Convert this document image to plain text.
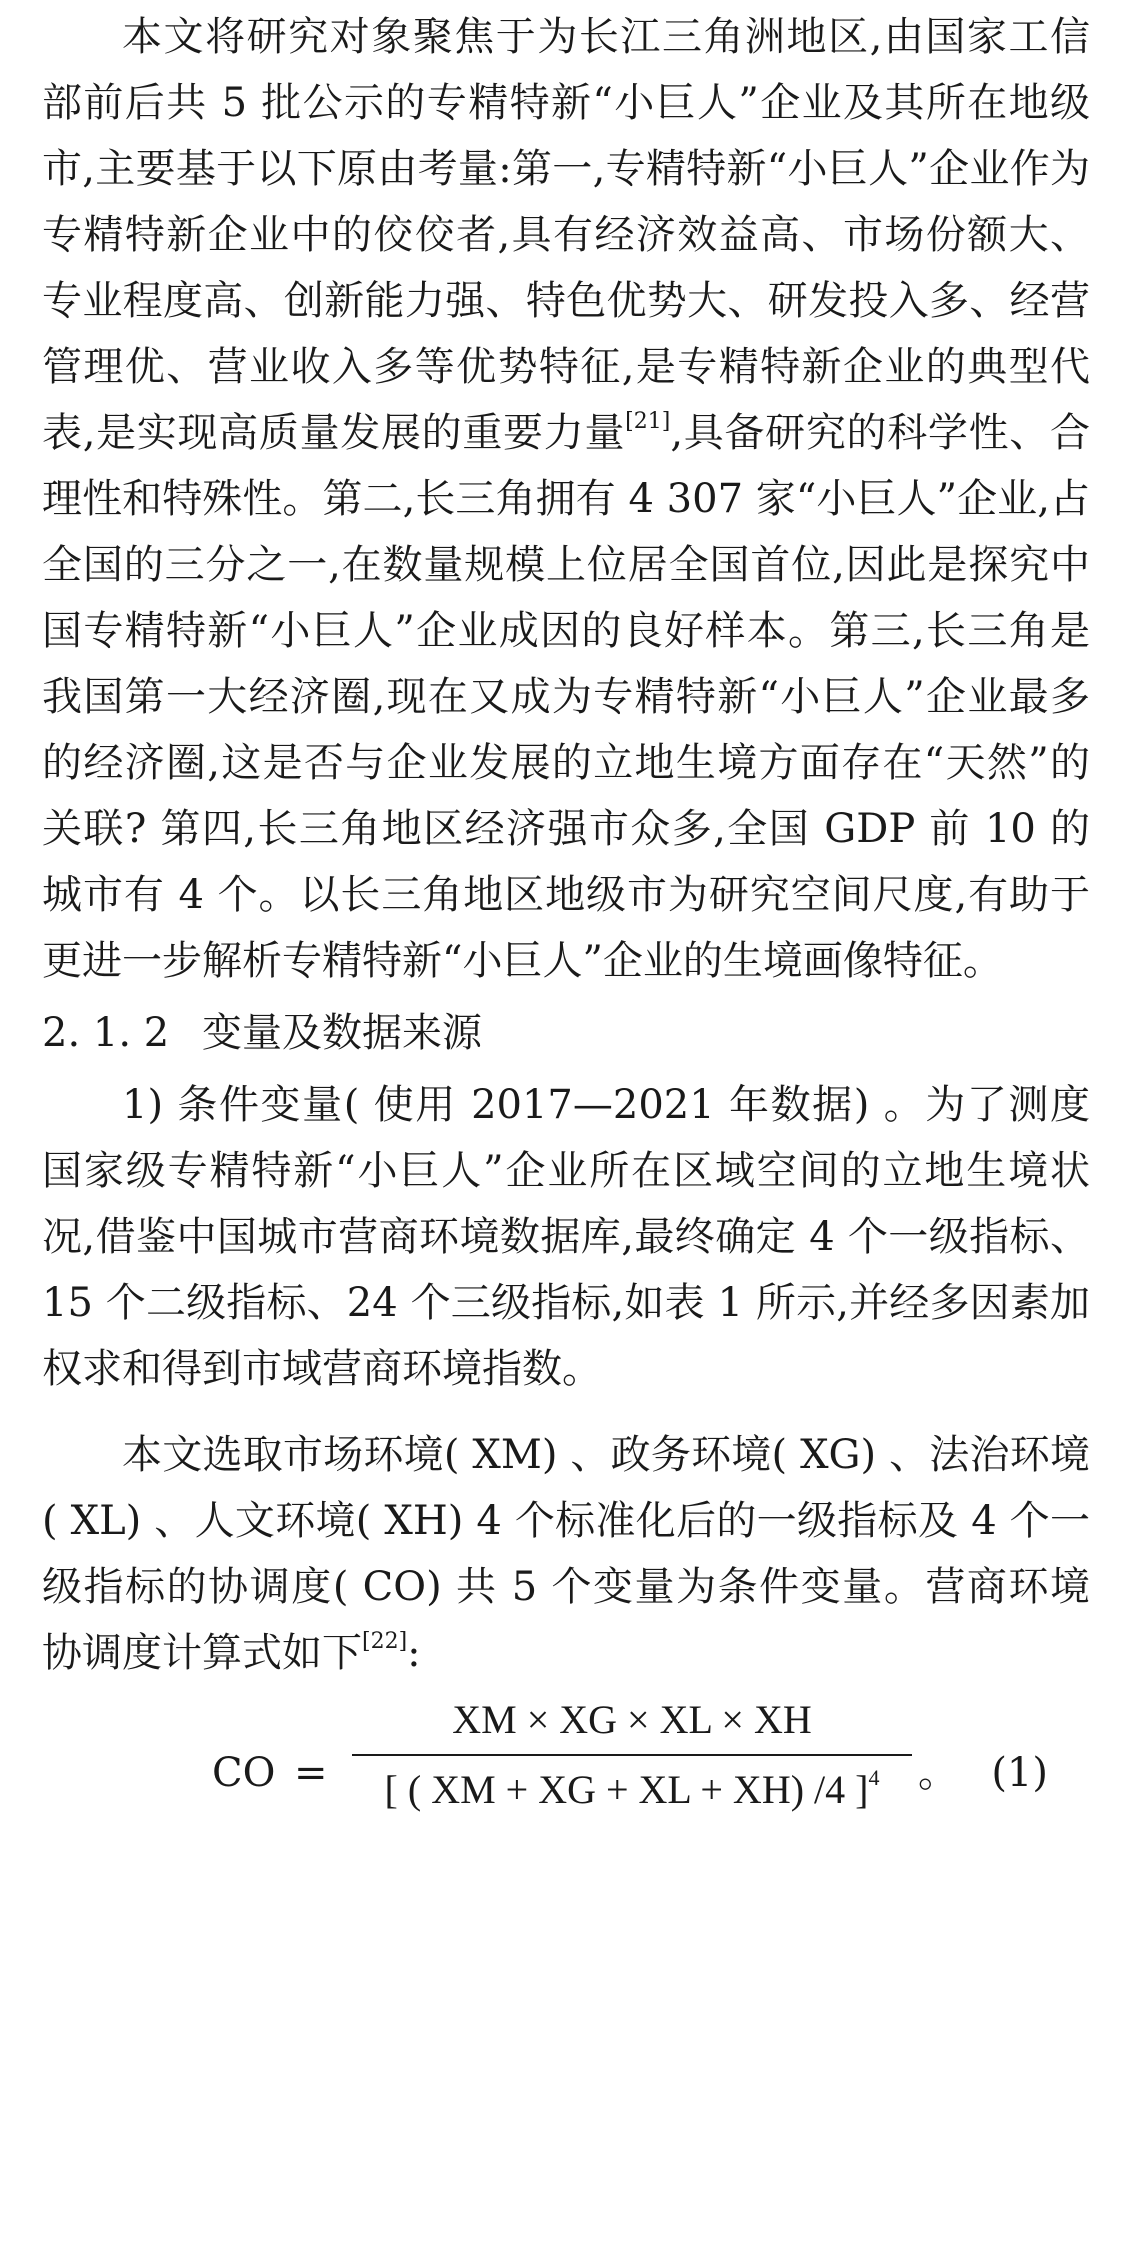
本文将研究对象聚焦于为长江三角洲地区,由国家工信部前后共 5 批公示的专精特新“小巨人”企业及其所在地级市,主要基于以下原由考量:第一,专精特新“小巨人”企业作为专精特新企业中的佼佼者,具有经济效益高、市场份额大、专业程度高、创新能力强、特色优势大、研发投入多、经营管理优、营业收入多等优势特征,是专精特新企业的典型代表,是实现高质量发展的重要力量[21],具备研究的科学性、合理性和特殊性。第二,长三角拥有 4 307 家“小巨人”企业,占全国的三分之一,在数量规模上位居全国首位,因此是探究中国专精特新“小巨人”企业成因的良好样本。第三,长三角是我国第一大经济圈,现在又成为专精特新“小巨人”企业最多的经济圈,这是否与企业发展的立地生境方面存在“天然”的关联? 第四,长三角地区经济强市众多,全国 GDP 前 10 的城市有 4 个。以长三角地区地级市为研究空间尺度,有助于更进一步解析专精特新“小巨人”企业的生境画像特征。

2. 1. 2 变量及数据来源

1) 条件变量( 使用 2017—2021 年数据) 。为了测度国家级专精特新“小巨人”企业所在区域空间的立地生境状况,借鉴中国城市营商环境数据库,最终确定 4 个一级指标、15 个二级指标、24 个三级指标,如表 1 所示,并经多因素加权求和得到市域营商环境指数。

本文选取市场环境( XM) 、政务环境( XG) 、法治环境( XL) 、人文环境( XH) 4 个标准化后的一级指标及 4 个一级指标的协调度( CO) 共 5 个变量为条件变量。营商环境协调度计算式如下[22]:

CO =
XM × XG × XL × XH
[ ( XM + XG + XL + XH) /4 ]$^4$ 。 (1)
